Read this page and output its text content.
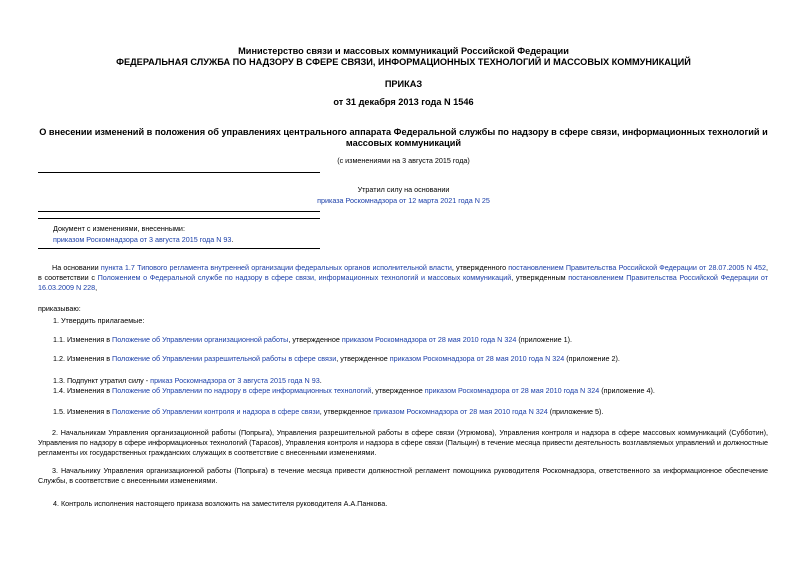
Министерство связи и массовых коммуникаций Российской Федерации
ФЕДЕРАЛЬНАЯ СЛУЖБА ПО НАДЗОРУ В СФЕРЕ СВЯЗИ, ИНФОРМАЦИОННЫХ ТЕХНОЛОГИЙ И МАССОВЫХ КОММУНИКАЦИЙ
ПРИКАЗ
от 31 декабря 2013 года N 1546
О внесении изменений в положения об управлениях центрального аппарата Федеральной службы по надзору в сфере связи, информационных технологий и
массовых коммуникаций
(с изменениями на 3 августа 2015 года)
Утратил силу на основании
приказа Роскомнадзора от 12 марта 2021 года N 25
Документ с изменениями, внесенными:
приказом Роскомнадзора от 3 августа 2015 года N 93.
На основании пункта 1.7 Типового регламента внутренней организации федеральных органов исполнительной власти, утвержденного постановлением Правительства Российской Федерации от 28.07.2005 N 452, в соответствии с Положением о Федеральной службе по надзору в сфере связи, информационных технологий и массовых коммуникаций, утвержденным постановлением Правительства Российской Федерации от 16.03.2009 N 228,
приказываю:
1. Утвердить прилагаемые:
1.1. Изменения в Положение об Управлении организационной работы, утвержденное приказом Роскомнадзора от 28 мая 2010 года N 324 (приложение 1).
1.2. Изменения в Положение об Управлении разрешительной работы в сфере связи, утвержденное приказом Роскомнадзора от 28 мая 2010 года N 324 (приложение 2).
1.3. Подпункт утратил силу - приказ Роскомнадзора от 3 августа 2015 года N 93.
1.4. Изменения в Положение об Управлении по надзору в сфере информационных технологий, утвержденное приказом Роскомнадзора от 28 мая 2010 года N 324 (приложение 4).
1.5. Изменения в Положение об Управлении контроля и надзора в сфере связи, утвержденное приказом Роскомнадзора от 28 мая 2010 года N 324 (приложение 5).
2. Начальникам Управления организационной работы (Попрыга), Управления разрешительной работы в сфере связи (Угрюмова), Управления контроля и надзора в сфере массовых коммуникаций (Субботин), Управления по надзору в сфере информационных технологий (Тарасов), Управления контроля и надзора в сфере связи (Пальцин) в течение месяца привести деятельность возглавляемых управлений и должностные регламенты их государственных гражданских служащих в соответствие с внесенными изменениями.
3. Начальнику Управления организационной работы (Попрыга) в течение месяца привести должностной регламент помощника руководителя Роскомнадзора, ответственного за информационное обеспечение Службы, в соответствие с внесенными изменениями.
4. Контроль исполнения настоящего приказа возложить на заместителя руководителя А.А.Панкова.
